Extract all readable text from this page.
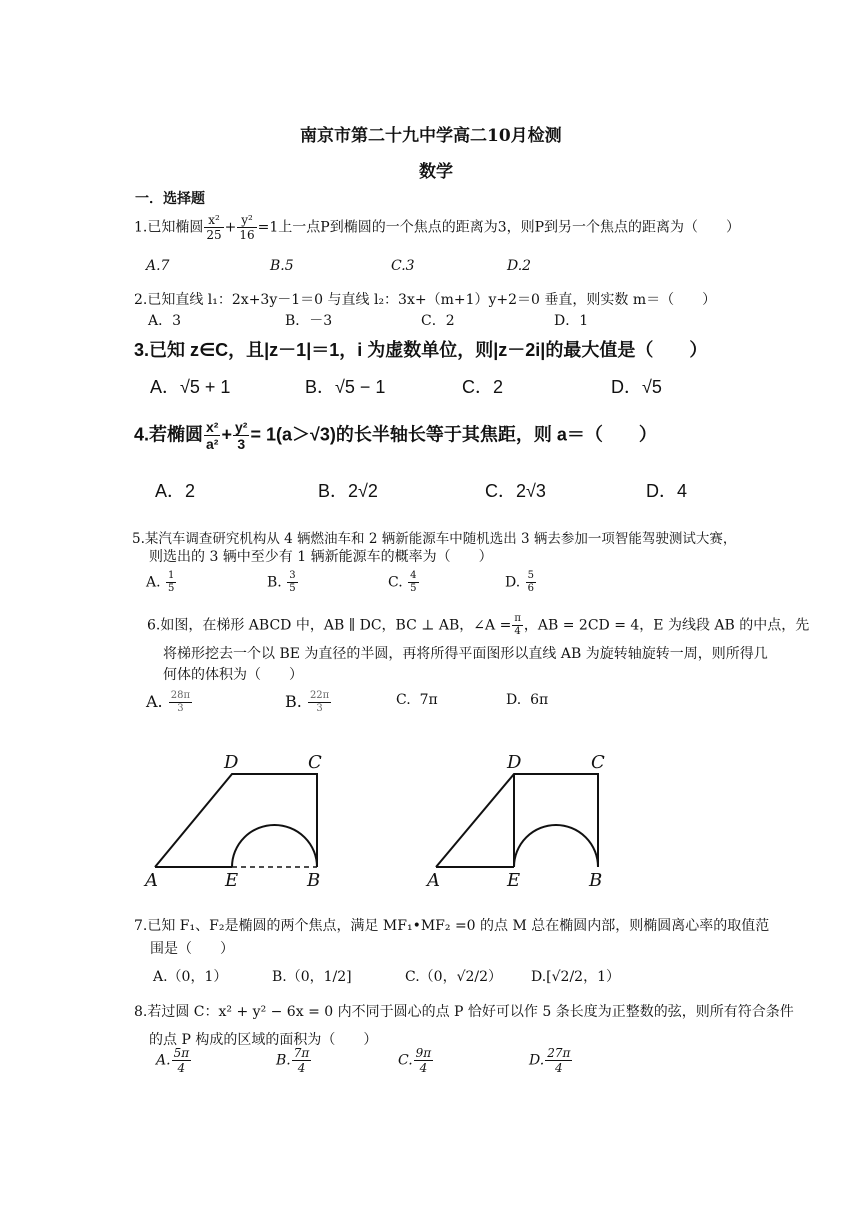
南京市第二十九中学高二10月检测
数学
一．选择题
1.已知椭圆 $\frac{\text{x²}}{25} + \frac{\text{y²}}{16} =1$上一点P到椭圆的一个焦点的距离为3，则P到另一个焦点的距离为（　　）
A.7	B.5	C.3	D.2
2.已知直线 l₁：2x+3y－1＝0 与直线 l₂：3x+（m+1）y+2＝0 垂直，则实数 m＝（　　）
A．3	B．－3	C．2	D．1
3.已知 z∈C，且|z－1|＝1，i 为虚数单位，则|z－2i|的最大值是（　　）
A．√5 + 1	B．√5 − 1	C．2	D．√5
4.若椭圆 $\frac{\text{x²}}{\text{a²}} + \frac{\text{y²}}{3} = 1(a>√3)$的长半轴长等于其焦距，则 a＝（　　）
A．2	B．2√2	C．2√3	D．4
5.某汽车调查研究机构从 4 辆燃油车和 2 辆新能源车中随机选出 3 辆去参加一项智能驾驶测试大赛，
则选出的 3 辆中至少有 1 辆新能源车的概率为（　　）
A. $\frac{1}{5}$	B. $\frac{3}{5}$	C. $\frac{4}{5}$	D. $\frac{5}{6}$
6.如图，在梯形 ABCD 中，AB ∥ DC，BC ⊥ AB，∠A = $\frac{\pi}{4}$ ，AB = 2CD = 4，E 为线段 AB 的中点，先
将梯形挖去一个以 BE 为直径的半圆，再将所得平面图形以直线 AB 为旋转轴旋转一周，则所得几
何体的体积为（　　）
A. $\frac{28\pi}{3}$	B. $\frac{22\pi}{3}$	C. 7π	D. 6π
D	C
A	E	B
D	C
A	E	B
7.已知 F₁、F₂是椭圆的两个焦点，满足 MF₁•MF₂ =0 的点 M 总在椭圆内部，则椭圆离心率的取值范
围是（　　）
A.（0，1）	B.（0，1/2]	C.（0，√2/2） D.[√2/2，1）
8.若过圆 C：x² + y² − 6x = 0 内不同于圆心的点 P 恰好可以作 5 条长度为正整数的弦，则所有符合条件
的点 P 构成的区域的面积为（　　）
A. $\frac{5\pi}{4}$	B. $\frac{7\pi}{4}$	C. $\frac{9\pi}{4}$	D. $\frac{27\pi}{4}$
